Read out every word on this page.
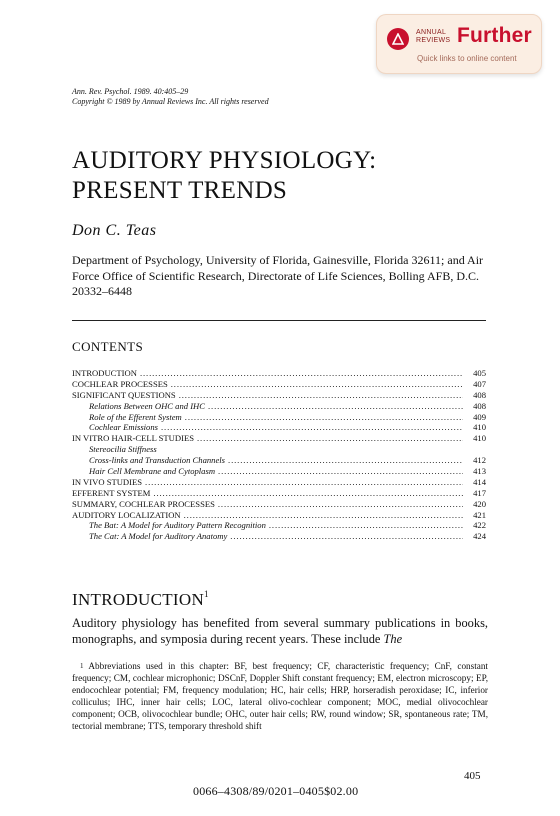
ANNUAL
REVIEWS Further
Quick links to online content
Ann. Rev. Psychol. 1989. 40:405–29
Copyright © 1989 by Annual Reviews Inc. All rights reserved
AUDITORY PHYSIOLOGY:
PRESENT TRENDS
Don C. Teas
Department of Psychology, University of Florida, Gainesville, Florida 32611; and Air Force Office of Scientific Research, Directorate of Life Sciences, Bolling AFB, D.C. 20332–6448
CONTENTS
INTRODUCTION .....	405
COCHLEAR PROCESSES .....	407
SIGNIFICANT QUESTIONS .....	408
Relations Between OHC and IHC .....	408
Role of the Efferent System .....	409
Cochlear Emissions .....	410
IN VITRO HAIR-CELL STUDIES .....	410
Stereocilia Stiffness
Cross-links and Transduction Channels .....	412
Hair Cell Membrane and Cytoplasm .....	413
IN VIVO STUDIES .....	414
EFFERENT SYSTEM .....	417
SUMMARY, COCHLEAR PROCESSES .....	420
AUDITORY LOCALIZATION .....	421
The Bat: A Model for Auditory Pattern Recognition .....	422
The Cat: A Model for Auditory Anatomy .....	424
INTRODUCTION$^1$
Auditory physiology has benefited from several summary publications in books, monographs, and symposia during recent years. These include The
$^1$ Abbreviations used in this chapter: BF, best frequency; CF, characteristic frequency; CnF, constant frequency; CM, cochlear microphonic; DSCnF, Doppler Shift constant frequency; EM, electron microscopy; EP, endocochlear potential; FM, frequency modulation; HC, hair cells; HRP, horseradish peroxidase; IC, inferior colliculus; IHC, inner hair cells; LOC, lateral olivo-cochlear component; MOC, medial olivocochlear component; OCB, olivocochlear bundle; OHC, outer hair cells; RW, round window; SR, spontaneous rate; TM, tectorial membrane; TTS, temporary threshold shift
405
0066–4308/89/0201–0405$02.00
